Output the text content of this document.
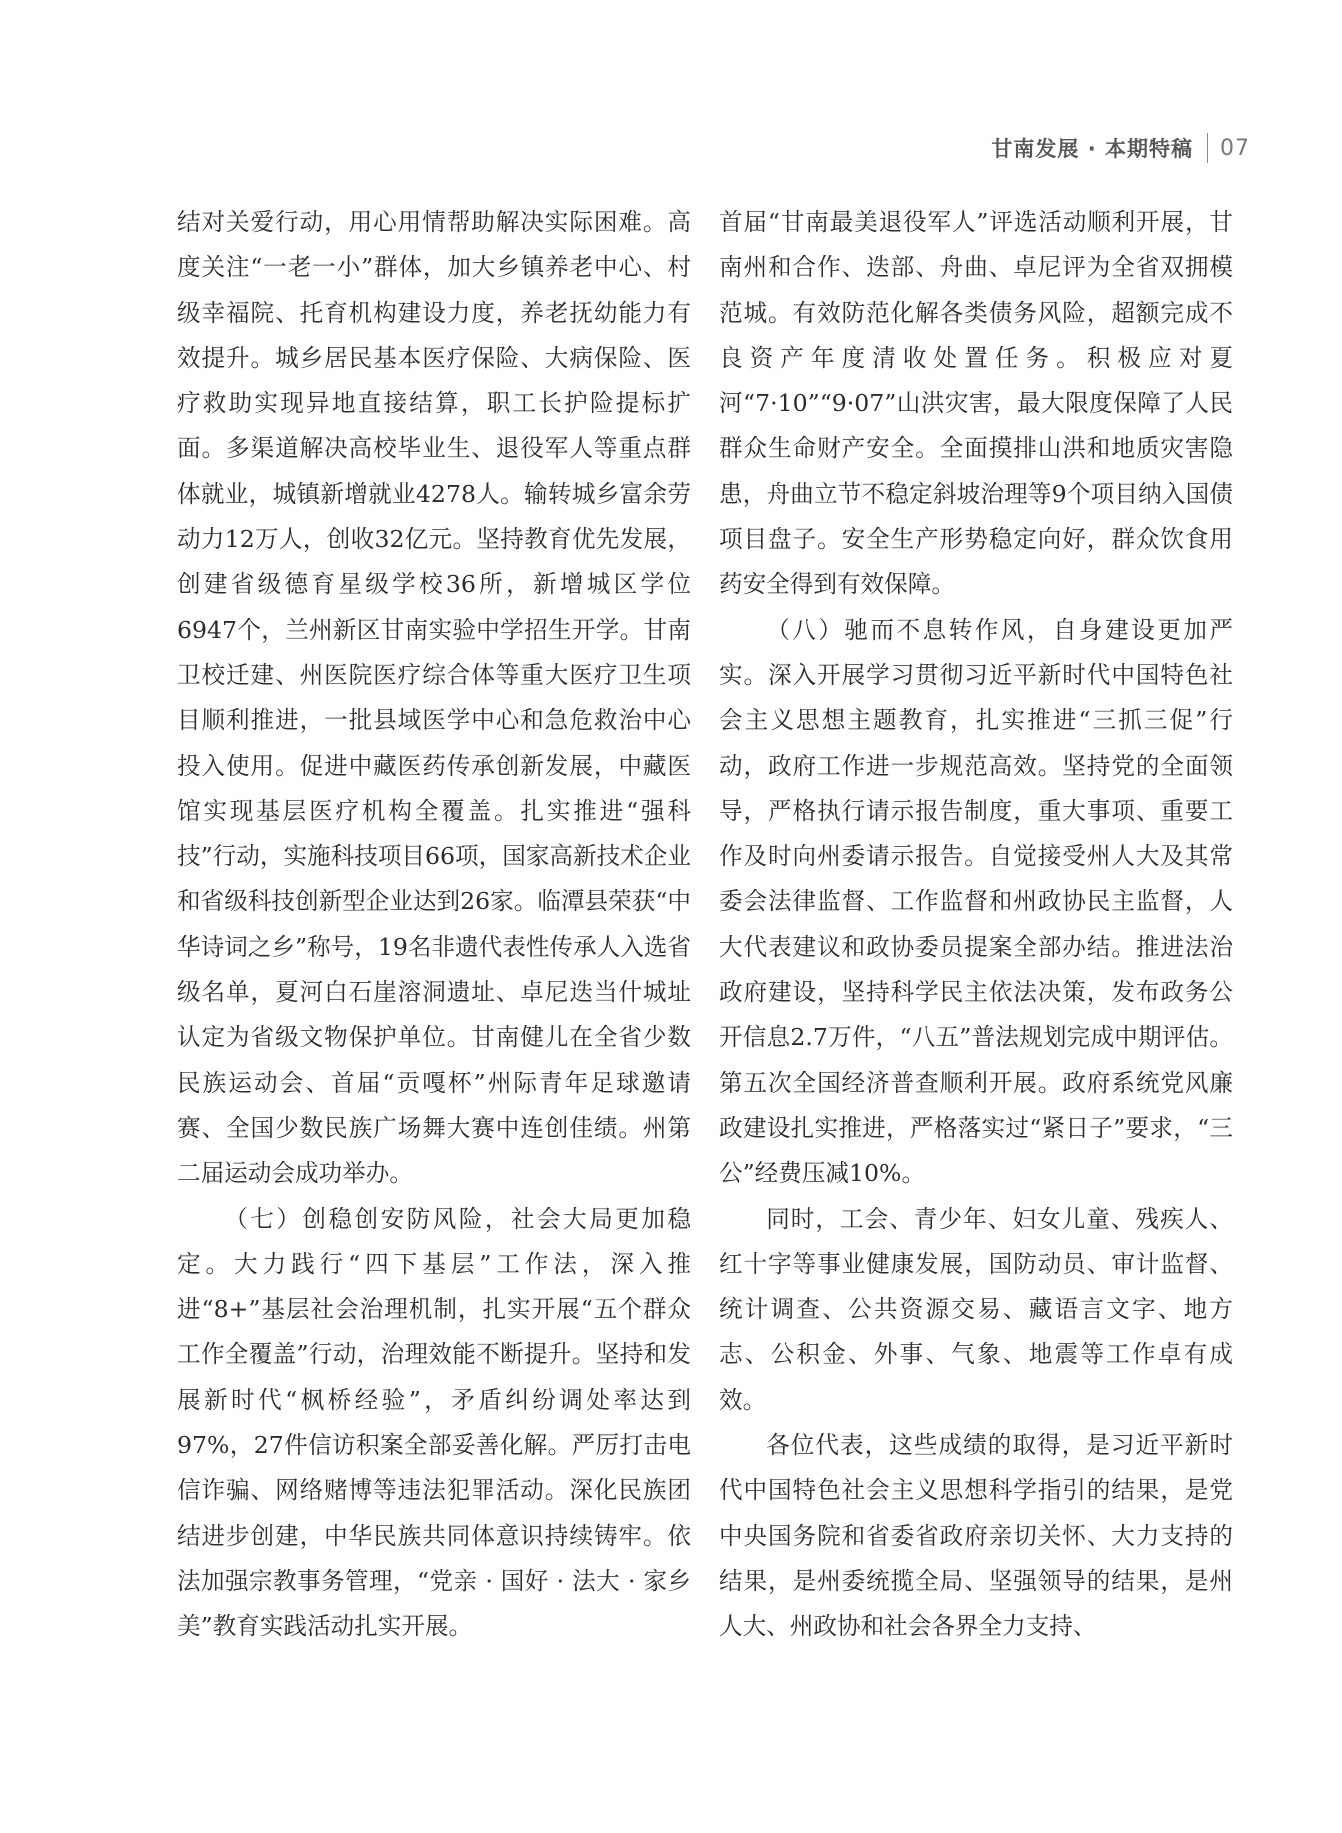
甘南发展 · 本期特稿 07

结对关爱行动，用心用情帮助解决实际困难。高度关注“一老一小”群体，加大乡镇养老中心、村级幸福院、托育机构建设力度，养老抚幼能力有效提升。城乡居民基本医疗保险、大病保险、医疗救助实现异地直接结算，职工长护险提标扩面。多渠道解决高校毕业生、退役军人等重点群体就业，城镇新增就业4278人。输转城乡富余劳动力12万人，创收32亿元。坚持教育优先发展，创建省级德育星级学校36所，新增城区学位6947个，兰州新区甘南实验中学招生开学。甘南卫校迁建、州医院医疗综合体等重大医疗卫生项目顺利推进，一批县域医学中心和急危救治中心投入使用。促进中藏医药传承创新发展，中藏医馆实现基层医疗机构全覆盖。扎实推进“强科技”行动，实施科技项目66项，国家高新技术企业和省级科技创新型企业达到26家。临潭县荣获“中华诗词之乡”称号，19名非遗代表性传承人入选省级名单，夏河白石崖溶洞遗址、卓尼迭当什城址认定为省级文物保护单位。甘南健儿在全省少数民族运动会、首届“贡嘎杯”州际青年足球邀请赛、全国少数民族广场舞大赛中连创佳绩。州第二届运动会成功举办。

（七）创稳创安防风险，社会大局更加稳定。大力践行“四下基层”工作法，深入推进“8+”基层社会治理机制，扎实开展“五个群众工作全覆盖”行动，治理效能不断提升。坚持和发展新时代“枫桥经验”，矛盾纠纷调处率达到97%，27件信访积案全部妥善化解。严厉打击电信诈骗、网络赌博等违法犯罪活动。深化民族团结进步创建，中华民族共同体意识持续铸牢。依法加强宗教事务管理，“党亲 · 国好 · 法大 · 家乡美”教育实践活动扎实开展。

首届“甘南最美退役军人”评选活动顺利开展，甘南州和合作、迭部、舟曲、卓尼评为全省双拥模范城。有效防范化解各类债务风险，超额完成不良资产年度清收处置任务。积极应对夏河“7·10”“9·07”山洪灾害，最大限度保障了人民群众生命财产安全。全面摸排山洪和地质灾害隐患，舟曲立节不稳定斜坡治理等9个项目纳入国债项目盘子。安全生产形势稳定向好，群众饮食用药安全得到有效保障。

（八）驰而不息转作风，自身建设更加严实。深入开展学习贯彻习近平新时代中国特色社会主义思想主题教育，扎实推进“三抓三促”行动，政府工作进一步规范高效。坚持党的全面领导，严格执行请示报告制度，重大事项、重要工作及时向州委请示报告。自觉接受州人大及其常委会法律监督、工作监督和州政协民主监督，人大代表建议和政协委员提案全部办结。推进法治政府建设，坚持科学民主依法决策，发布政务公开信息2.7万件，“八五”普法规划完成中期评估。第五次全国经济普查顺利开展。政府系统党风廉政建设扎实推进，严格落实过“紧日子”要求，“三公”经费压减10%。

同时，工会、青少年、妇女儿童、残疾人、红十字等事业健康发展，国防动员、审计监督、统计调查、公共资源交易、藏语言文字、地方志、公积金、外事、气象、地震等工作卓有成效。

各位代表，这些成绩的取得，是习近平新时代中国特色社会主义思想科学指引的结果，是党中央国务院和省委省政府亲切关怀、大力支持的结果，是州委统揽全局、坚强领导的结果，是州人大、州政协和社会各界全力支持、
